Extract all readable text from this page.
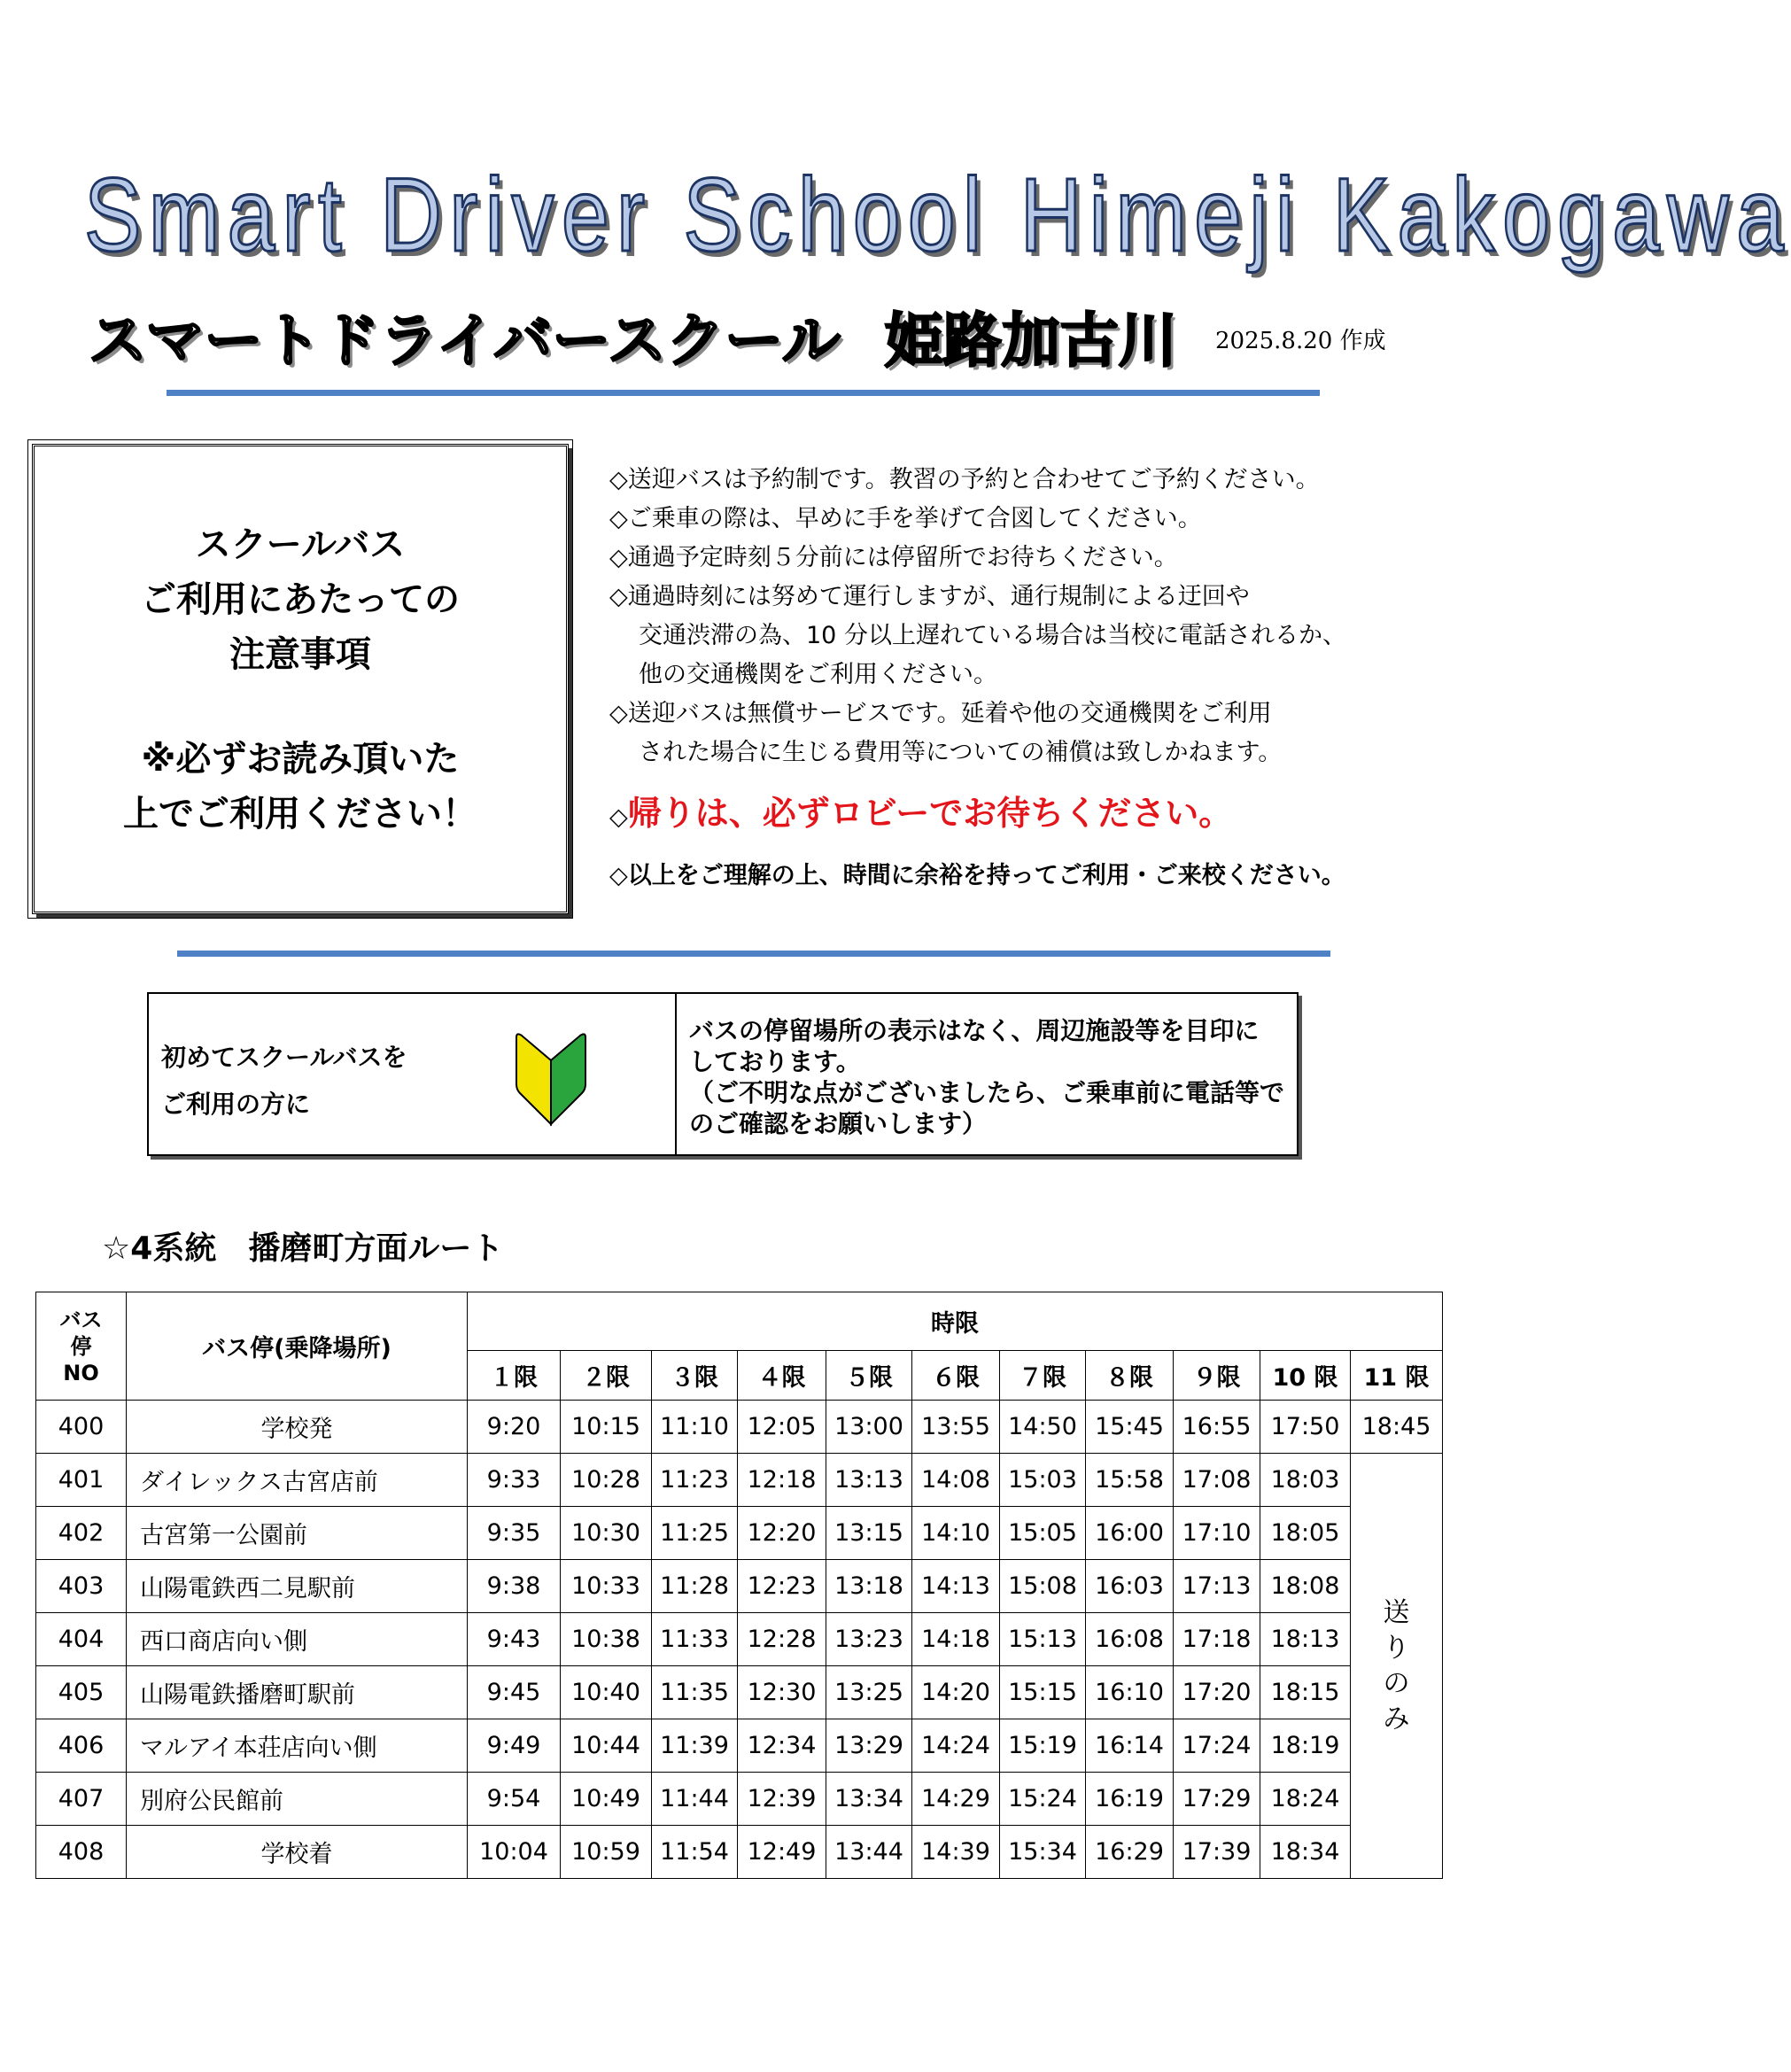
Smart Driver School Himeji Kakogawa
スマートドライバースクール 姫路加古川	2025.8.20 作成
スクールバス
ご利用にあたっての
注意事項
※必ずお読み頂いた
上でご利用ください！
◇送迎バスは予約制です。教習の予約と合わせてご予約ください。
◇ご乗車の際は、早めに手を挙げて合図してください。
◇通過予定時刻５分前には停留所でお待ちください。
◇通過時刻には努めて運行しますが、通行規制による迂回や
交通渋滞の為、10 分以上遅れている場合は当校に電話されるか、
他の交通機関をご利用ください。
◇送迎バスは無償サービスです。延着や他の交通機関をご利用
された場合に生じる費用等についての補償は致しかねます。
◇帰りは、必ずロビーでお待ちください。
◇以上をご理解の上、時間に余裕を持ってご利用・ご来校ください。
初めてスクールバスを
ご利用の方に
バスの停留場所の表示はなく、周辺施設等を目印に
しております。
（ご不明な点がございましたら、ご乗車前に電話等で
のご確認をお願いします）
☆4系統　播磨町方面ルート
バス
停
NO	バス停(乗降場所)	時限										
		１限	２限	３限	４限	５限	６限	７限	８限	９限	10 限	11 限
400	学校発	9:20	10:15	11:10	12:05	13:00	13:55	14:50	15:45	16:55	17:50	18:45
401	ダイレックス古宮店前	9:33	10:28	11:23	12:18	13:13	14:08	15:03	15:58	17:08	18:03	送
り
の
み

402	古宮第一公園前	9:35	10:30	11:25	12:20	13:15	14:10	15:05	16:00	17:10	18:05	
403	山陽電鉄西二見駅前	9:38	10:33	11:28	12:23	13:18	14:13	15:08	16:03	17:13	18:08	
404	西口商店向い側	9:43	10:38	11:33	12:28	13:23	14:18	15:13	16:08	17:18	18:13	
405	山陽電鉄播磨町駅前	9:45	10:40	11:35	12:30	13:25	14:20	15:15	16:10	17:20	18:15	
406	マルアイ本荘店向い側	9:49	10:44	11:39	12:34	13:29	14:24	15:19	16:14	17:24	18:19	
407	別府公民館前	9:54	10:49	11:44	12:39	13:34	14:29	15:24	16:19	17:29	18:24	
408	学校着	10:04	10:59	11:54	12:49	13:44	14:39	15:34	16:29	17:39	18:34	
